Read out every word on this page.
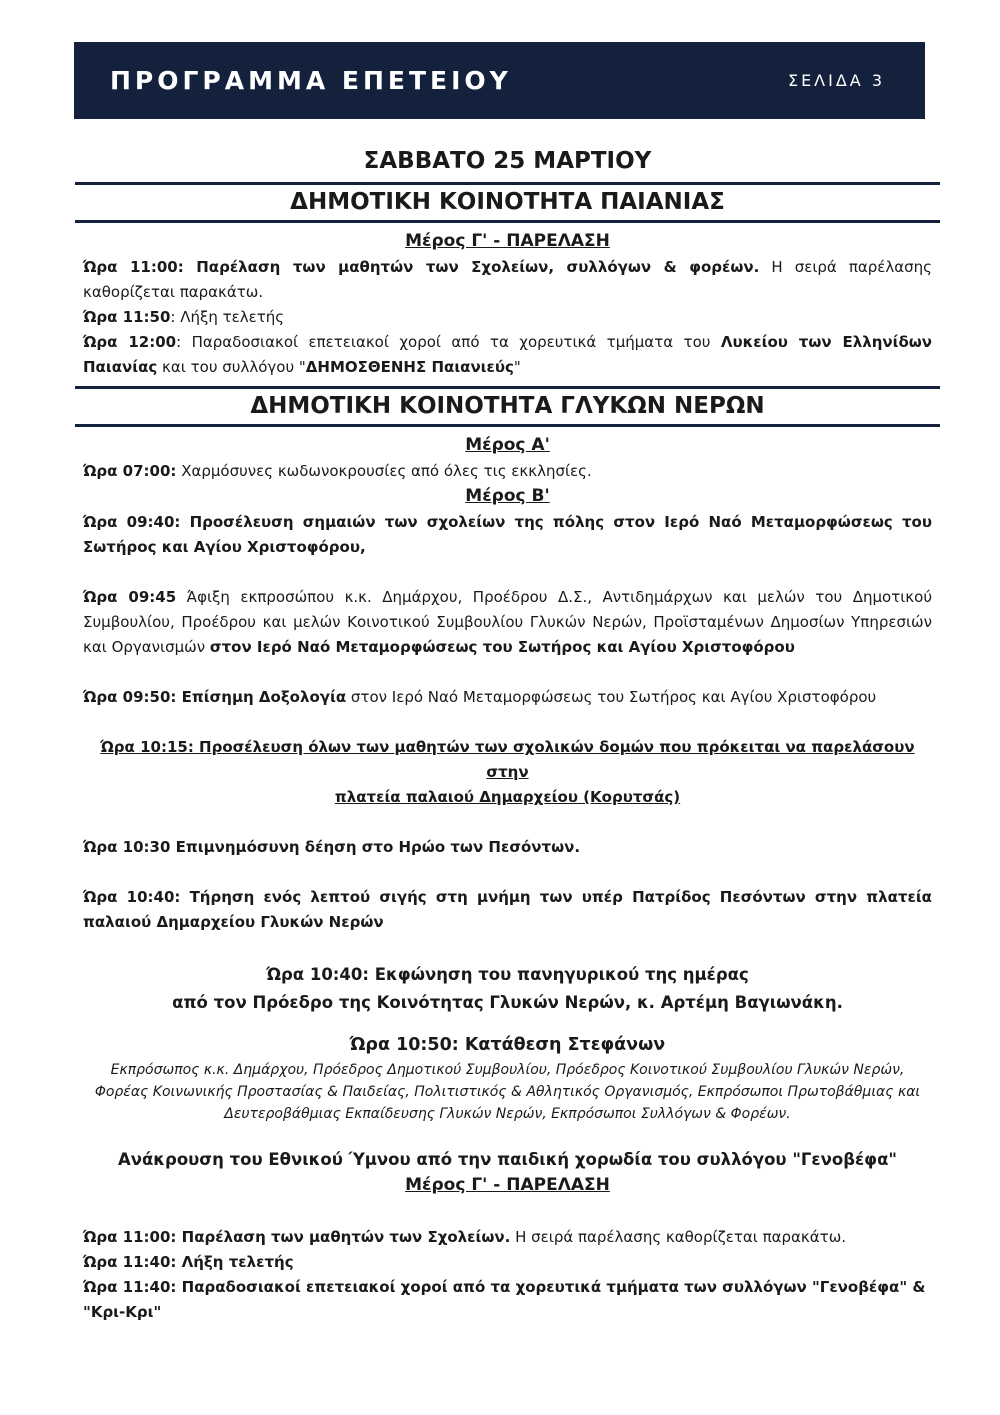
ΠΡΟΓΡΑΜΜΑ ΕΠΕΤΕΙΟΥ	ΣΕΛΙΔΑ 3
ΣΑΒΒΑΤΟ 25 ΜΑΡΤΙΟΥ
ΔΗΜΟΤΙΚΗ ΚΟΙΝΟΤΗΤΑ ΠΑΙΑΝΙΑΣ
Μέρος Γ' - ΠΑΡΕΛΑΣΗ

Ώρα 11:00: Παρέλαση των μαθητών των Σχολείων, συλλόγων & φορέων. Η σειρά παρέλασης καθορίζεται παρακάτω.

Ώρα 11:50: Λήξη τελετής

Ώρα 12:00: Παραδοσιακοί επετειακοί χοροί από τα χορευτικά τμήματα του Λυκείου των Ελληνίδων Παιανίας και του συλλόγου "ΔΗΜΟΣΘΕΝΗΣ Παιανιεύς"

ΔΗΜΟΤΙΚΗ ΚΟΙΝΟΤΗΤΑ ΓΛΥΚΩΝ ΝΕΡΩΝ
Μέρος Α'

Ώρα 07:00: Χαρμόσυνες κωδωνοκρουσίες από όλες τις εκκλησίες.

Μέρος Β'

Ώρα 09:40: Προσέλευση σημαιών των σχολείων της πόλης στον Ιερό Ναό Μεταμορφώσεως του Σωτήρος και Αγίου Χριστοφόρου,

Ώρα 09:45 Άφιξη εκπροσώπου κ.κ. Δημάρχου, Προέδρου Δ.Σ., Αντιδημάρχων και μελών του Δημοτικού Συμβουλίου, Προέδρου και μελών Κοινοτικού Συμβουλίου Γλυκών Νερών, Προϊσταμένων Δημοσίων Υπηρεσιών και Οργανισμών στον Ιερό Ναό Μεταμορφώσεως του Σωτήρος και Αγίου Χριστοφόρου

Ώρα 09:50: Επίσημη Δοξολογία στον Ιερό Ναό Μεταμορφώσεως του Σωτήρος και Αγίου Χριστοφόρου

Ώρα 10:15: Προσέλευση όλων των μαθητών των σχολικών δομών που πρόκειται να παρελάσουν στην
πλατεία παλαιού Δημαρχείου (Κορυτσάς)

Ώρα 10:30 Επιμνημόσυνη δέηση στο Ηρώο των Πεσόντων.

Ώρα 10:40: Τήρηση ενός λεπτού σιγής στη μνήμη των υπέρ Πατρίδος Πεσόντων στην πλατεία παλαιού Δημαρχείου Γλυκών Νερών

Ώρα 10:40: Εκφώνηση του πανηγυρικού της ημέρας
από τον Πρόεδρο της Κοινότητας Γλυκών Νερών, κ. Αρτέμη Βαγιωνάκη.

Ώρα 10:50: Κατάθεση Στεφάνων
Εκπρόσωπος κ.κ. Δημάρχου, Πρόεδρος Δημοτικού Συμβουλίου, Πρόεδρος Κοινοτικού Συμβουλίου Γλυκών Νερών, Φορέας Κοινωνικής Προστασίας & Παιδείας, Πολιτιστικός & Αθλητικός Οργανισμός, Εκπρόσωποι Πρωτοβάθμιας και Δευτεροβάθμιας Εκπαίδευσης Γλυκών Νερών, Εκπρόσωποι Συλλόγων & Φορέων.
Ανάκρουση του Εθνικού Ύμνου από την παιδική χορωδία του συλλόγου "Γενοβέφα"
Μέρος Γ' - ΠΑΡΕΛΑΣΗ

Ώρα 11:00: Παρέλαση των μαθητών των Σχολείων. Η σειρά παρέλασης καθορίζεται παρακάτω.

Ώρα 11:40: Λήξη τελετής

Ώρα 11:40: Παραδοσιακοί επετειακοί χοροί από τα χορευτικά τμήματα των συλλόγων "Γενοβέφα" & "Κρι-Κρι"
